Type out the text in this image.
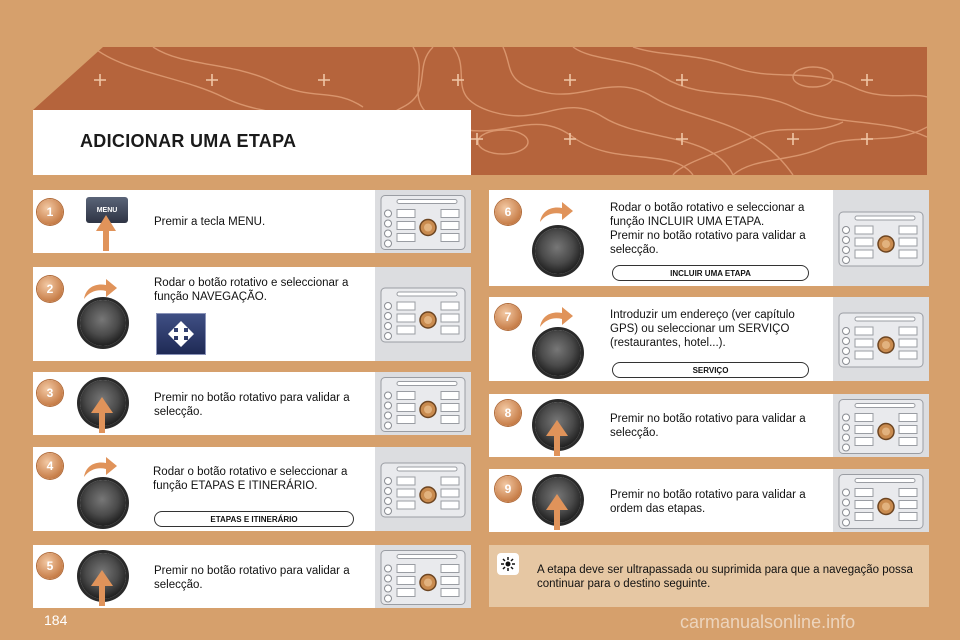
ADICIONAR UMA ETAPA
1	MENU
Premir a tecla MENU.
2	Rodar o botão rotativo e seleccionar a função NAVEGAÇÃO.
3	Premir no botão rotativo para validar a selecção.
4	Rodar o botão rotativo e seleccionar a função ETAPAS E ITINERÁRIO.
ETAPAS E ITINERÁRIO
5	Premir no botão rotativo para validar a selecção.
6	Rodar o botão rotativo e seleccionar a função INCLUIR UMA ETAPA.
Premir no botão rotativo para validar a selecção.
INCLUIR UMA ETAPA
7	Introduzir um endereço (ver capítulo GPS) ou seleccionar um SERVIÇO (restaurantes, hotel...).
SERVIÇO
8	Premir no botão rotativo para validar a selecção.
9	Premir no botão rotativo para validar a ordem das etapas.
A etapa deve ser ultrapassada ou suprimida para que a navegação possa continuar para o destino seguinte.
184	carmanualsonline.info
